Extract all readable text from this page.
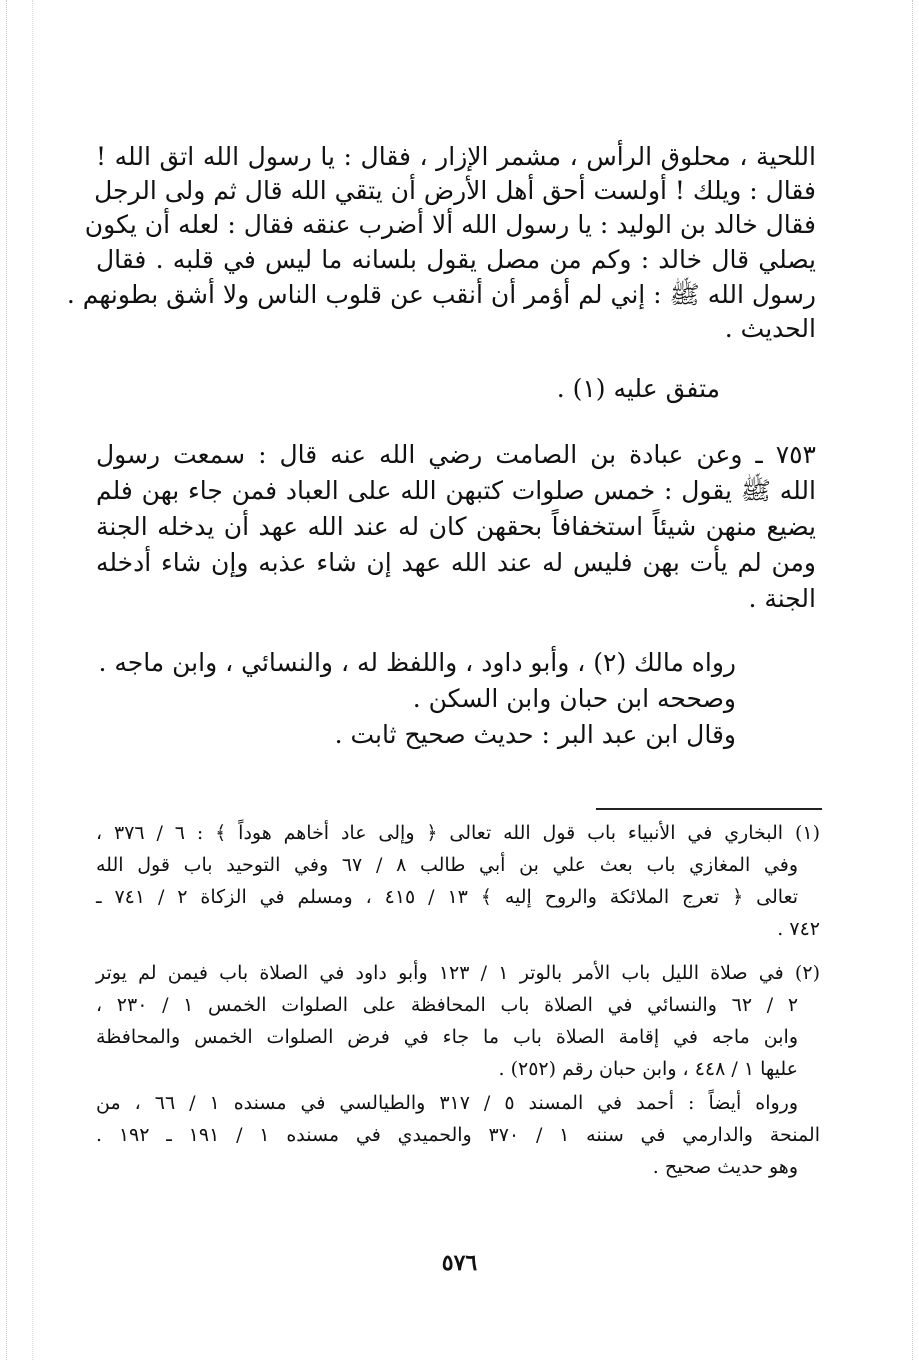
اللحية ، محلوق الرأس ، مشمر الإزار ، فقال : يا رسول الله اتق الله !
فقال : ويلك ! أولست أحق أهل الأرض أن يتقي الله قال ثم ولى الرجل
فقال خالد بن الوليد : يا رسول الله ألا أضرب عنقه فقال : لعله أن يكون
يصلي قال خالد : وكم من مصل يقول بلسانه ما ليس في قلبه . فقال
رسول الله ﷺ : إني لم أؤمر أن أنقب عن قلوب الناس ولا أشق بطونهم .
الحديث .
متفق عليه (١) .
٧٥٣ ـ وعن عبادة بن الصامت رضي الله عنه قال : سمعت رسول
الله ﷺ يقول : خمس صلوات كتبهن الله على العباد فمن جاء بهن فلم
يضيع منهن شيئاً استخفافاً بحقهن كان له عند الله عهد أن يدخله الجنة
ومن لم يأت بهن فليس له عند الله عهد إن شاء عذبه وإن شاء أدخله
الجنة .
رواه مالك (٢) ، وأبو داود ، واللفظ له ، والنسائي ، وابن ماجه .
وصححه ابن حبان وابن السكن .
وقال ابن عبد البر : حديث صحيح ثابت .
(١) البخاري في الأنبياء باب قول الله تعالى ﴿ وإلى عاد أخاهم هوداً ﴾ : ٦ / ٣٧٦ ،
وفي المغازي باب بعث علي بن أبي طالب ٨ / ٦٧ وفي التوحيد باب قول الله
تعالى ﴿ تعرج الملائكة والروح إليه ﴾ ١٣ / ٤١٥ ، ومسلم في الزكاة ٢ / ٧٤١ ـ
٧٤٢ .
(٢) في صلاة الليل باب الأمر بالوتر ١ / ١٢٣ وأبو داود في الصلاة باب فيمن لم يوتر
٢ / ٦٢ والنسائي في الصلاة باب المحافظة على الصلوات الخمس ١ / ٢٣٠ ،
وابن ماجه في إقامة الصلاة باب ما جاء في فرض الصلوات الخمس والمحافظة
عليها ١ / ٤٤٨ ، وابن حبان رقم (٢٥٢) .
ورواه أيضاً : أحمد في المسند ٥ / ٣١٧ والطيالسي في مسنده ١ / ٦٦ ، من
المنحة والدارمي في سننه ١ / ٣٧٠ والحميدي في مسنده ١ / ١٩١ ـ ١٩٢ .
وهو حديث صحيح .
٥٧٦
